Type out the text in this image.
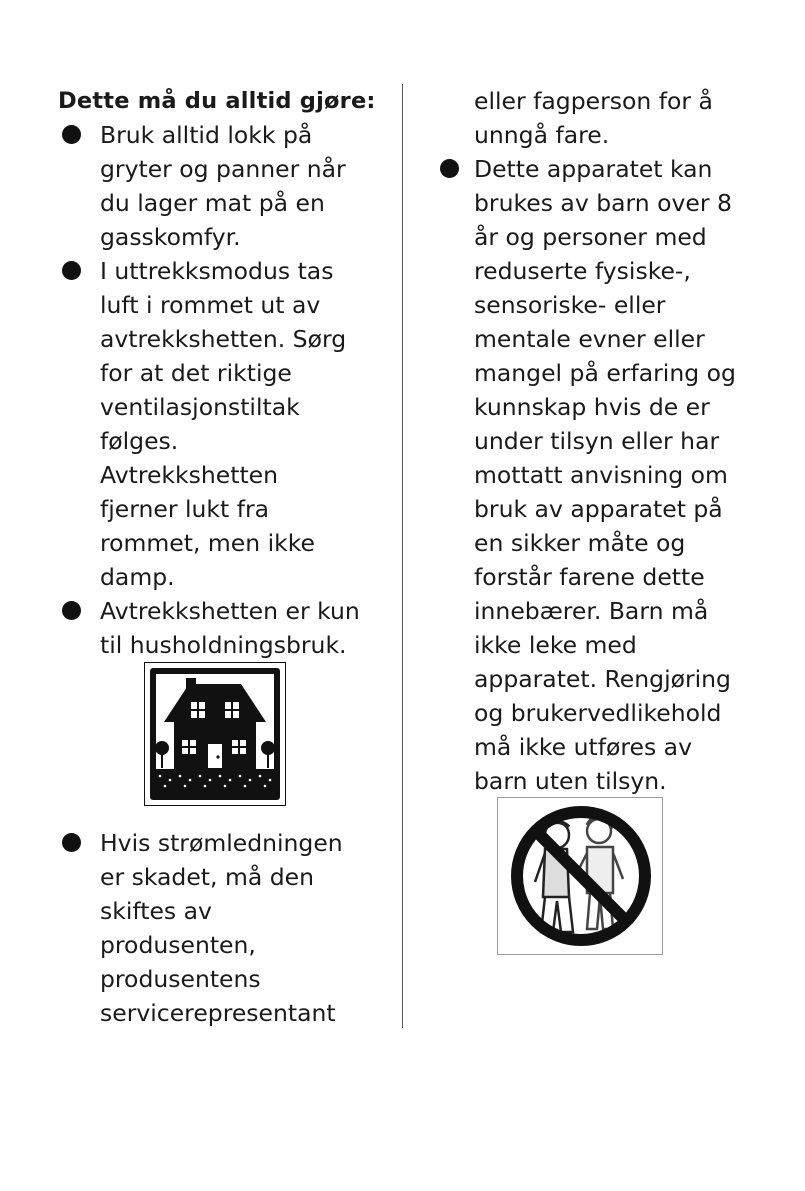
Dette må du alltid gjøre:

Bruk alltid lokk på
gryter og panner når
du lager mat på en
gasskomfyr.
I uttrekksmodus tas
luft i rommet ut av
avtrekkshetten. Sørg
for at det riktige
ventilasjonstiltak
følges.
Avtrekkshetten
fjerner lukt fra
rommet, men ikke
damp.
Avtrekkshetten er kun
til husholdningsbruk.
Hvis strømledningen
er skadet, må den
skiftes av
produsenten,
produsentens
servicerepresentant
eller fagperson for å
unngå fare.
Dette apparatet kan
brukes av barn over 8
år og personer med
reduserte fysiske-,
sensoriske- eller
mentale evner eller
mangel på erfaring og
kunnskap hvis de er
under tilsyn eller har
mottatt anvisning om
bruk av apparatet på
en sikker måte og
forstår farene dette
innebærer. Barn må
ikke leke med
apparatet. Rengjøring
og brukervedlikehold
må ikke utføres av
barn uten tilsyn.
